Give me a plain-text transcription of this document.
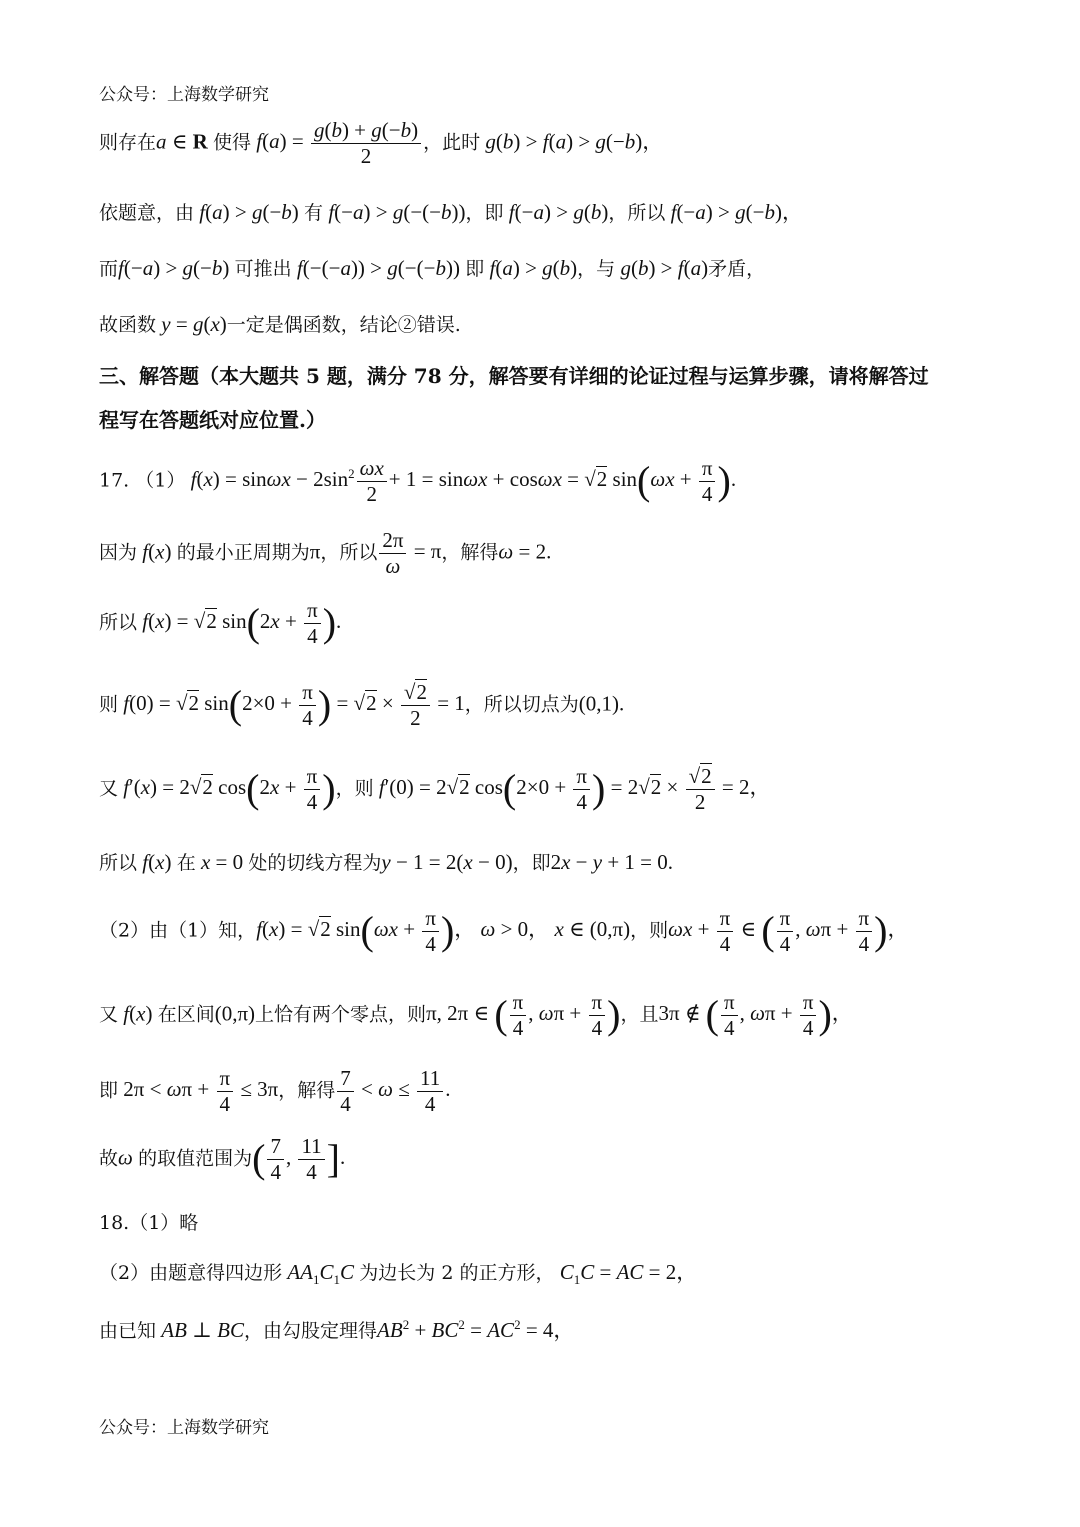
公众号：上海数学研究
则存在a ∈ R 使得 $f(a) = \frac{g(b) + g(-b)}{2}$ ，此时 g(b) > f(a) > g(−b)，
依题意，由 f(a) > g(−b) 有 f(−a) > g(−(−b))，即 f(−a) > g(b)，所以 f(−a) > g(−b)，
而f(−a) > g(−b) 可推出 f(−(−a)) > g(−(−b)) 即 f(a) > g(b)，与 g(b) > f(a)矛盾，
故函数 y = g(x)一定是偶函数，结论②错误.
三、解答题（本大题共 5 题，满分 78 分，解答要有详细的论证过程与运算步骤，请将解答过
程写在答题纸对应位置.）
17. （1） $f(x) = \sin\omega x - 2\sin^2 \frac{\omega x}{2} + 1 = \sin\omega x + \cos\omega x = √2$ $\sin(\omega x + \frac{\pi}{4}$ ).
因为 f(x) 的最小正周期为π，所以 $\frac{2\pi}{\omega} = \pi$，解得ω = 2.
所以 f(x) = √2 $\sin(2x + \frac{\pi}{4}$ ).
则 f(0) = √2 $\sin(2\times 0 + \frac{\pi}{4}$ ) = $√2 \times \frac{√2}{2} = 1$，所以切点为(0,1).
又 f′(x) = 2√2 $\cos(2x + \frac{\pi}{4}$ )，则 f′(0) = 2√2 $\cos(2\times 0 + \frac{\pi}{4}$ ) = $2√2 \times \frac{√2}{2} = 2$，
所以 f(x) 在 x = 0 处的切线方程为y − 1 = 2(x − 0)，即2x − y + 1 = 0.
（2）由（1）知，f(x) = √2 $\sin(\omega x + \frac{\pi}{4}$ )， ω > 0， x ∈ (0,π)，则$\omega x + \frac{\pi}{4}$ ∈ ( $\frac{\pi}{4}$ , $\omega\pi + \frac{\pi}{4}$ )，
又 f(x) 在区间(0,π)上恰有两个零点，则π, 2π ∈ ( $\frac{\pi}{4}$ , $\omega\pi + \frac{\pi}{4}$ )，且3π ∉ ( $\frac{\pi}{4}$ , $\omega\pi + \frac{\pi}{4}$ )，
即 $2\pi < \omega\pi + \frac{\pi}{4} \le 3\pi$，解得 $\frac{7}{4} < \omega \le \frac{11}{4}$ .
故ω 的取值范围为( $\frac{7}{4}$ , $\frac{11}{4}$ ].
18.（1）略
（2）由题意得四边形 $AA_1C_1C$ 为边长为 2 的正方形， $C_1C$ = AC = 2，
由已知 AB ⊥ BC，由勾股定理得$AB^2 + BC^2 = AC^2 = 4$，
公众号：上海数学研究
